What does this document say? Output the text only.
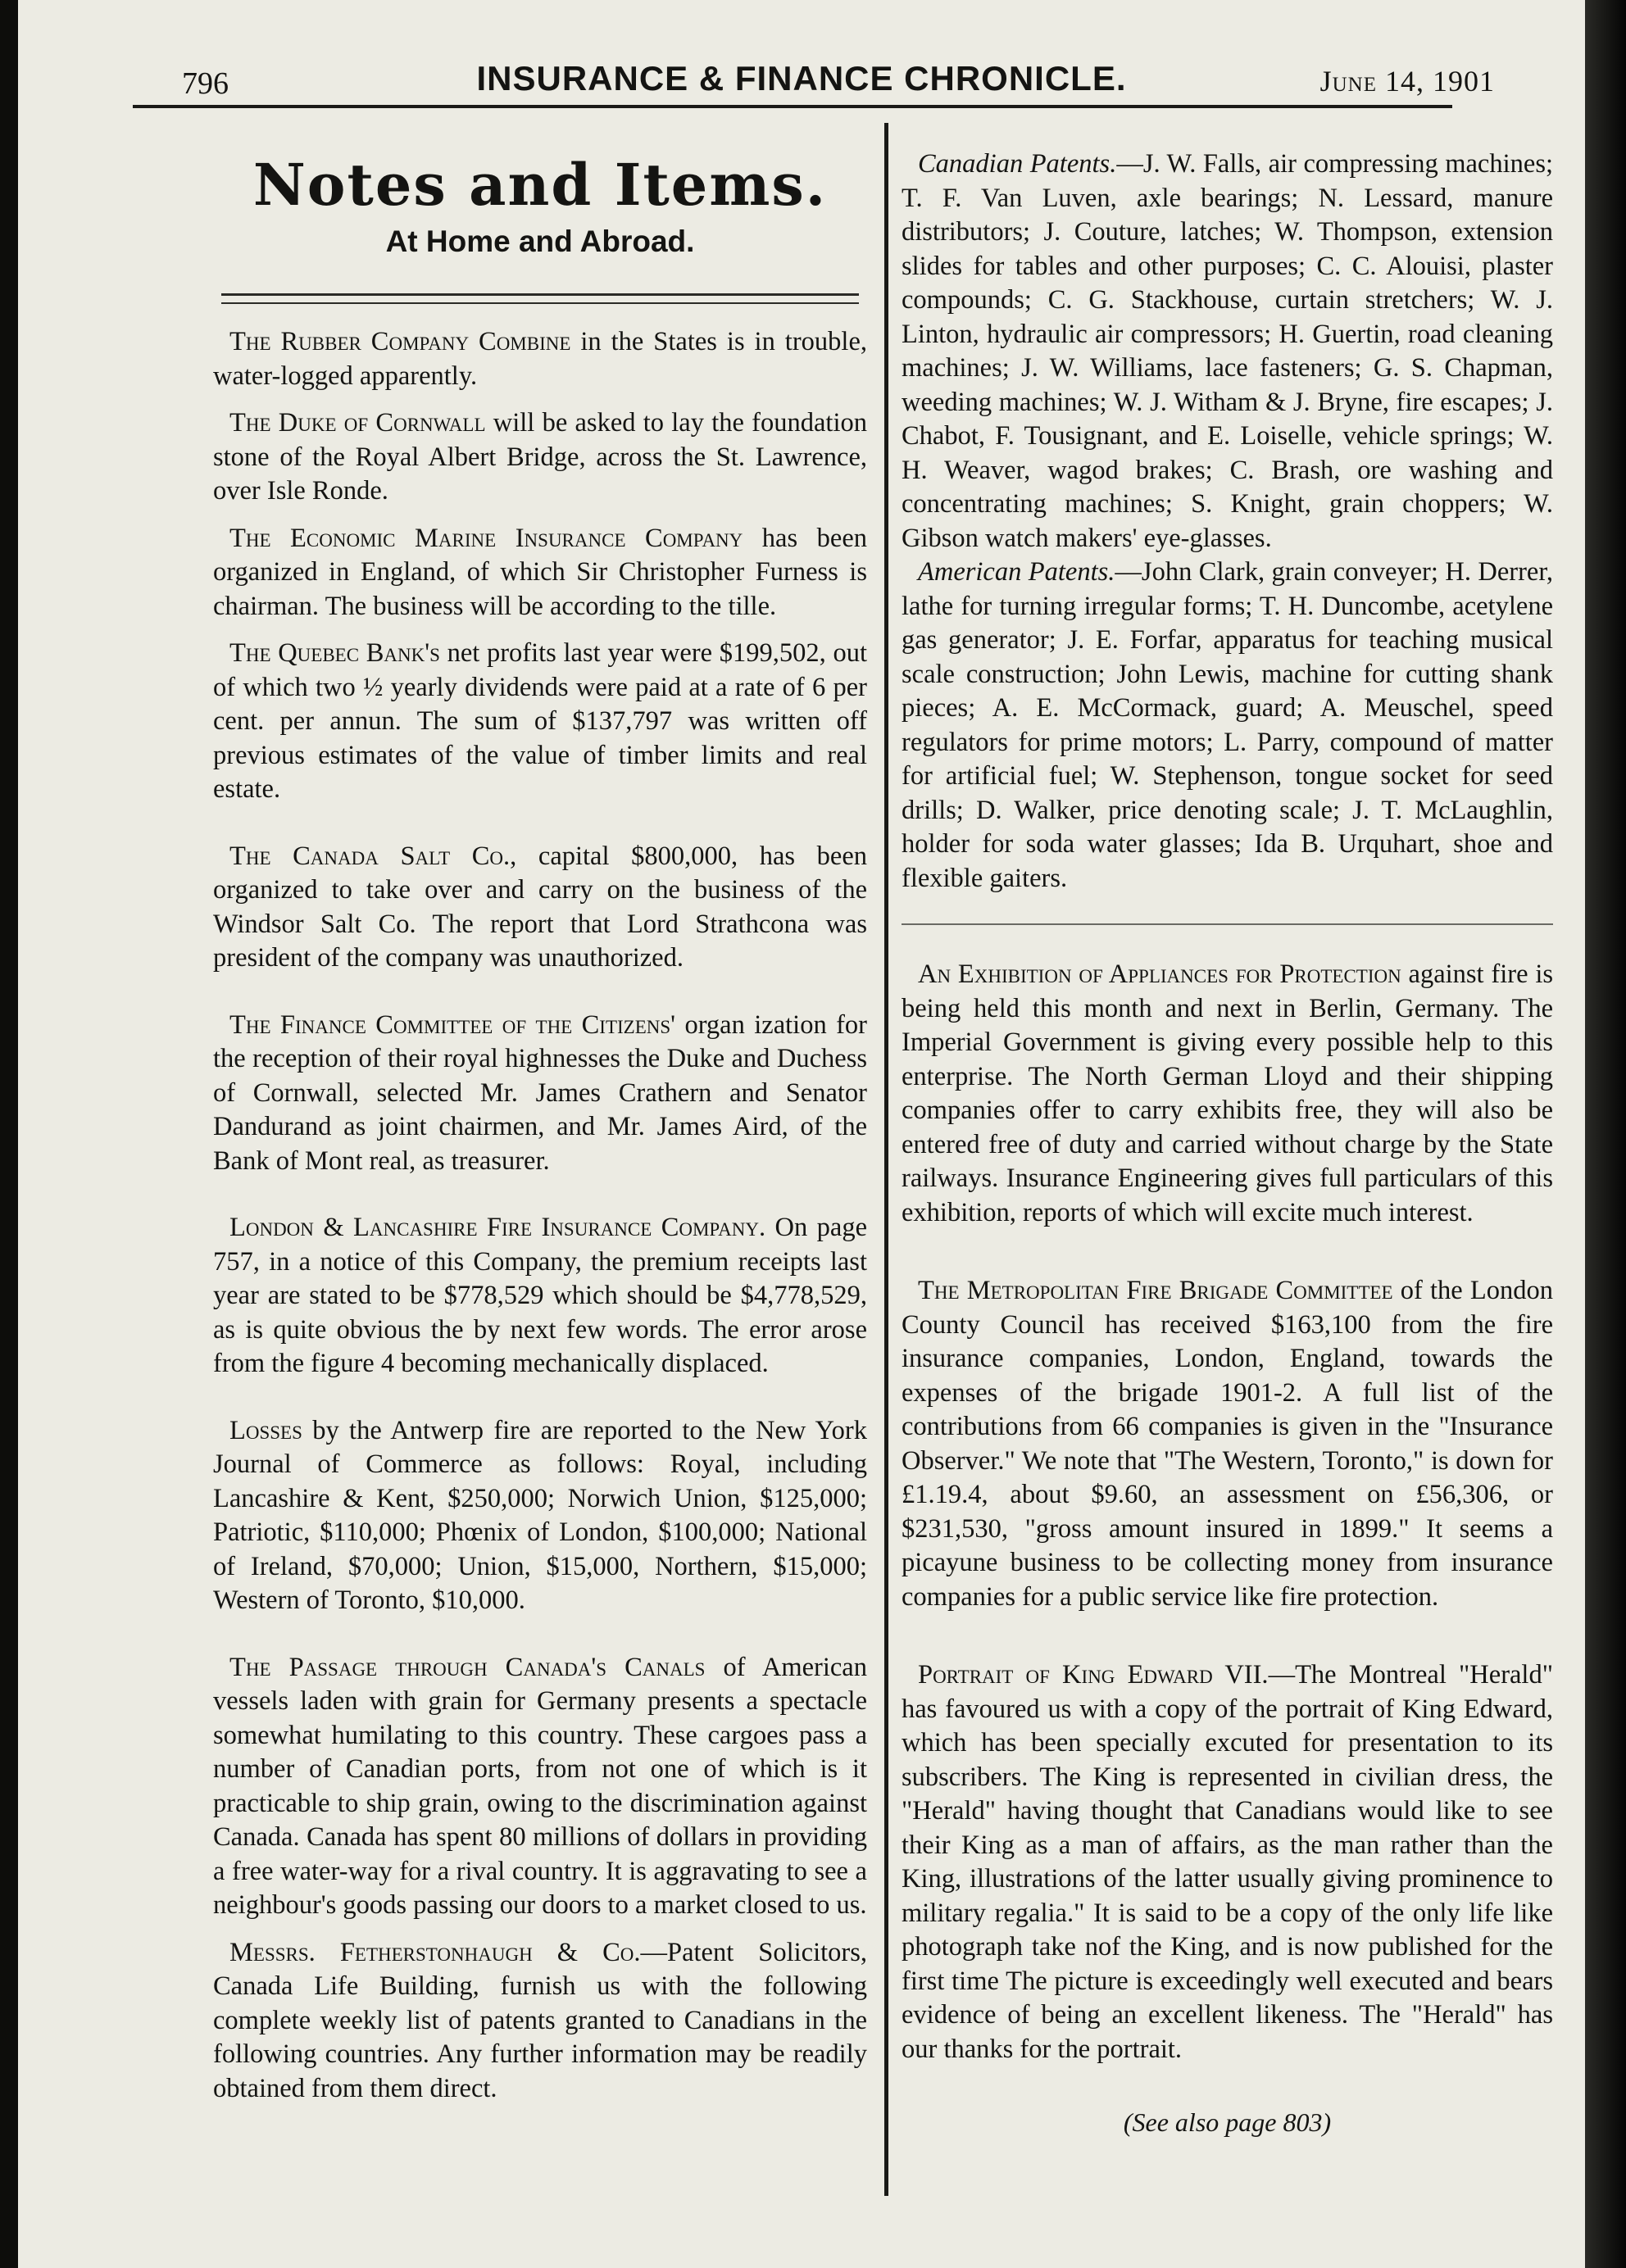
796	INSURANCE & FINANCE CHRONICLE.	June 14, 1901
Notes and Items.
At Home and Abroad.

The Rubber Company Combine in the States is in trouble, water-logged apparently.

The Duke of Cornwall will be asked to lay the foundation stone of the Royal Albert Bridge, across the St. Lawrence, over Isle Ronde.

The Economic Marine Insurance Company has been organized in England, of which Sir Christopher Furness is chairman. The business will be according to the tille.

The Quebec Bank's net profits last year were $199,502, out of which two ½ yearly dividends were paid at a rate of 6 per cent. per annun. The sum of $137,797 was written off previous estimates of the value of timber limits and real estate.

The Canada Salt Co., capital $800,000, has been organized to take over and carry on the business of the Windsor Salt Co. The report that Lord Strathcona was president of the company was unauthorized.

The Finance Committee of the Citizens' organ ization for the reception of their royal highnesses the Duke and Duchess of Cornwall, selected Mr. James Crathern and Senator Dandurand as joint chairmen, and Mr. James Aird, of the Bank of Mont real, as treasurer.

London & Lancashire Fire Insurance Company. On page 757, in a notice of this Company, the premium receipts last year are stated to be $778,529 which should be $4,778,529, as is quite obvious the by next few words. The error arose from the figure 4 becoming mechanically displaced.

Losses by the Antwerp fire are reported to the New York Journal of Commerce as follows: Royal, including Lancashire & Kent, $250,000; Norwich Union, $125,000; Patriotic, $110,000; Phœnix of London, $100,000; National of Ireland, $70,000; Union, $15,000, Northern, $15,000; Western of Toronto, $10,000.

The Passage through Canada's Canals of American vessels laden with grain for Germany presents a spectacle somewhat humilating to this country. These cargoes pass a number of Canadian ports, from not one of which is it practicable to ship grain, owing to the discrimination against Canada. Canada has spent 80 millions of dollars in providing a free water-way for a rival country. It is aggravating to see a neighbour's goods passing our doors to a market closed to us.

Messrs. Fetherstonhaugh & Co.—Patent Solicitors, Canada Life Building, furnish us with the following complete weekly list of patents granted to Canadians in the following countries. Any further information may be readily obtained from them direct.

Canadian Patents.—J. W. Falls, air compressing machines; T. F. Van Luven, axle bearings; N. Lessard, manure distributors; J. Couture, latches; W. Thompson, extension slides for tables and other purposes; C. C. Alouisi, plaster compounds; C. G. Stackhouse, curtain stretchers; W. J. Linton, hydraulic air compressors; H. Guertin, road cleaning machines; J. W. Williams, lace fasteners; G. S. Chapman, weeding machines; W. J. Witham & J. Bryne, fire escapes; J. Chabot, F. Tousignant, and E. Loiselle, vehicle springs; W. H. Weaver, wagod brakes; C. Brash, ore washing and concentrating machines; S. Knight, grain choppers; W. Gibson watch makers' eye-glasses.

American Patents.—John Clark, grain conveyer; H. Derrer, lathe for turning irregular forms; T. H. Duncombe, acetylene gas generator; J. E. Forfar, apparatus for teaching musical scale construction; John Lewis, machine for cutting shank pieces; A. E. McCormack, guard; A. Meuschel, speed regulators for prime motors; L. Parry, compound of matter for artificial fuel; W. Stephenson, tongue socket for seed drills; D. Walker, price denoting scale; J. T. McLaughlin, holder for soda water glasses; Ida B. Urquhart, shoe and flexible gaiters.

An Exhibition of Appliances for Protection against fire is being held this month and next in Berlin, Germany. The Imperial Government is giving every possible help to this enterprise. The North German Lloyd and their shipping companies offer to carry exhibits free, they will also be entered free of duty and carried without charge by the State railways. Insurance Engineering gives full particulars of this exhibition, reports of which will excite much interest.

The Metropolitan Fire Brigade Committee of the London County Council has received $163,100 from the fire insurance companies, London, England, towards the expenses of the brigade 1901-2. A full list of the contributions from 66 companies is given in the "Insurance Observer." We note that "The Western, Toronto," is down for £1.19.4, about $9.60, an assessment on £56,306, or $231,530, "gross amount insured in 1899." It seems a picayune business to be collecting money from insurance companies for a public service like fire protection.

Portrait of King Edward VII.—The Montreal "Herald" has favoured us with a copy of the portrait of King Edward, which has been specially excuted for presentation to its subscribers. The King is represented in civilian dress, the "Herald" having thought that Canadians would like to see their King as a man of affairs, as the man rather than the King, illustrations of the latter usually giving prominence to military regalia." It is said to be a copy of the only life like photograph take nof the King, and is now published for the first time The picture is exceedingly well executed and bears evidence of being an excellent likeness. The "Herald" has our thanks for the portrait.

(See also page 803)
